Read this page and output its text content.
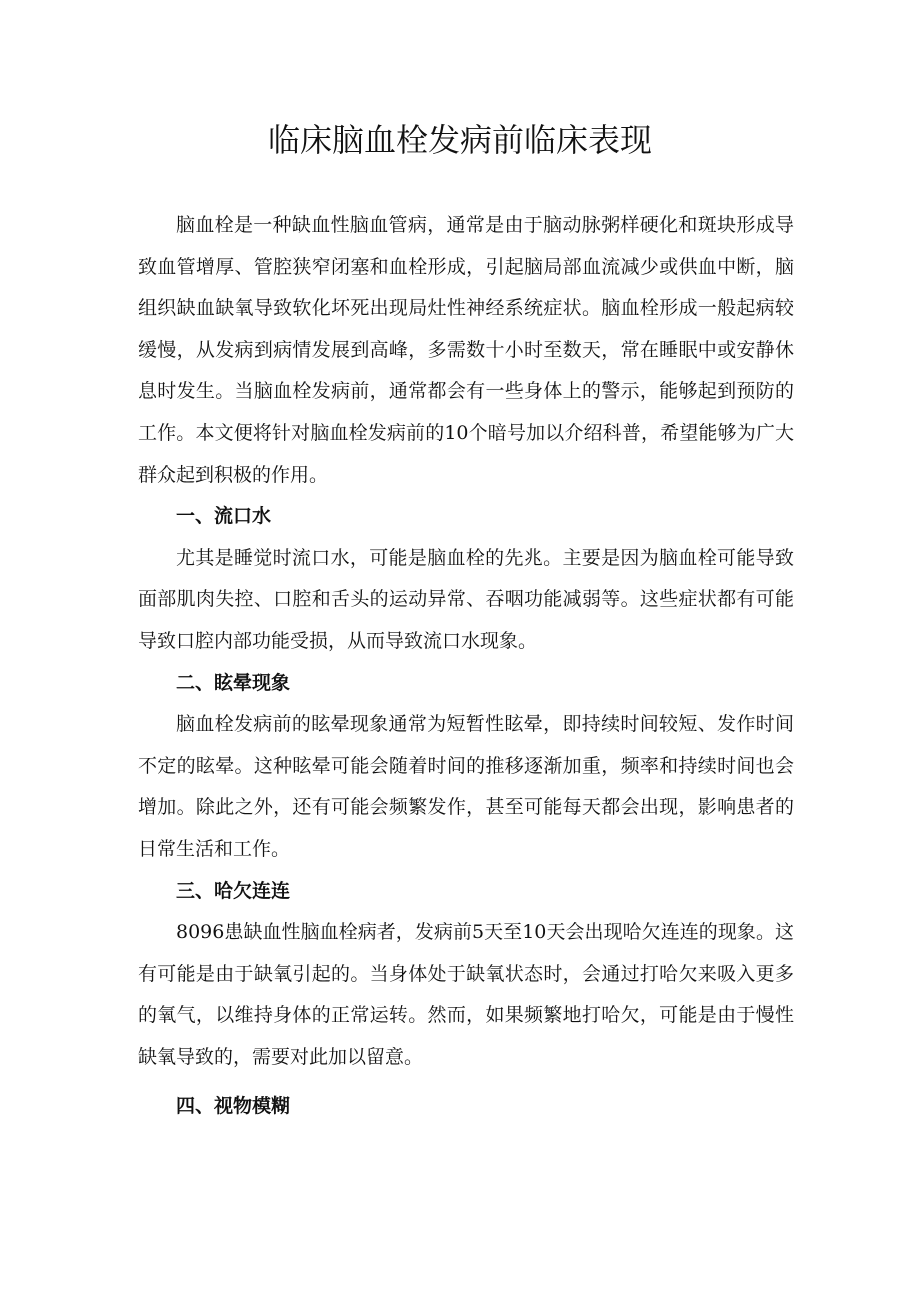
临床脑血栓发病前临床表现

脑血栓是一种缺血性脑血管病，通常是由于脑动脉粥样硬化和斑块形成导致血管增厚、管腔狭窄闭塞和血栓形成，引起脑局部血流减少或供血中断，脑组织缺血缺氧导致软化坏死出现局灶性神经系统症状。脑血栓形成一般起病较缓慢，从发病到病情发展到高峰，多需数十小时至数天，常在睡眠中或安静休息时发生。当脑血栓发病前，通常都会有一些身体上的警示，能够起到预防的工作。本文便将针对脑血栓发病前的10个暗号加以介绍科普，希望能够为广大群众起到积极的作用。

一、流口水

尤其是睡觉时流口水，可能是脑血栓的先兆。主要是因为脑血栓可能导致面部肌肉失控、口腔和舌头的运动异常、吞咽功能减弱等。这些症状都有可能导致口腔内部功能受损，从而导致流口水现象。

二、眩晕现象

脑血栓发病前的眩晕现象通常为短暂性眩晕，即持续时间较短、发作时间不定的眩晕。这种眩晕可能会随着时间的推移逐渐加重，频率和持续时间也会增加。除此之外，还有可能会频繁发作，甚至可能每天都会出现，影响患者的日常生活和工作。

三、哈欠连连

8096患缺血性脑血栓病者，发病前5天至10天会出现哈欠连连的现象。这有可能是由于缺氧引起的。当身体处于缺氧状态时，会通过打哈欠来吸入更多的氧气，以维持身体的正常运转。然而，如果频繁地打哈欠，可能是由于慢性缺氧导致的，需要对此加以留意。

四、视物模糊
